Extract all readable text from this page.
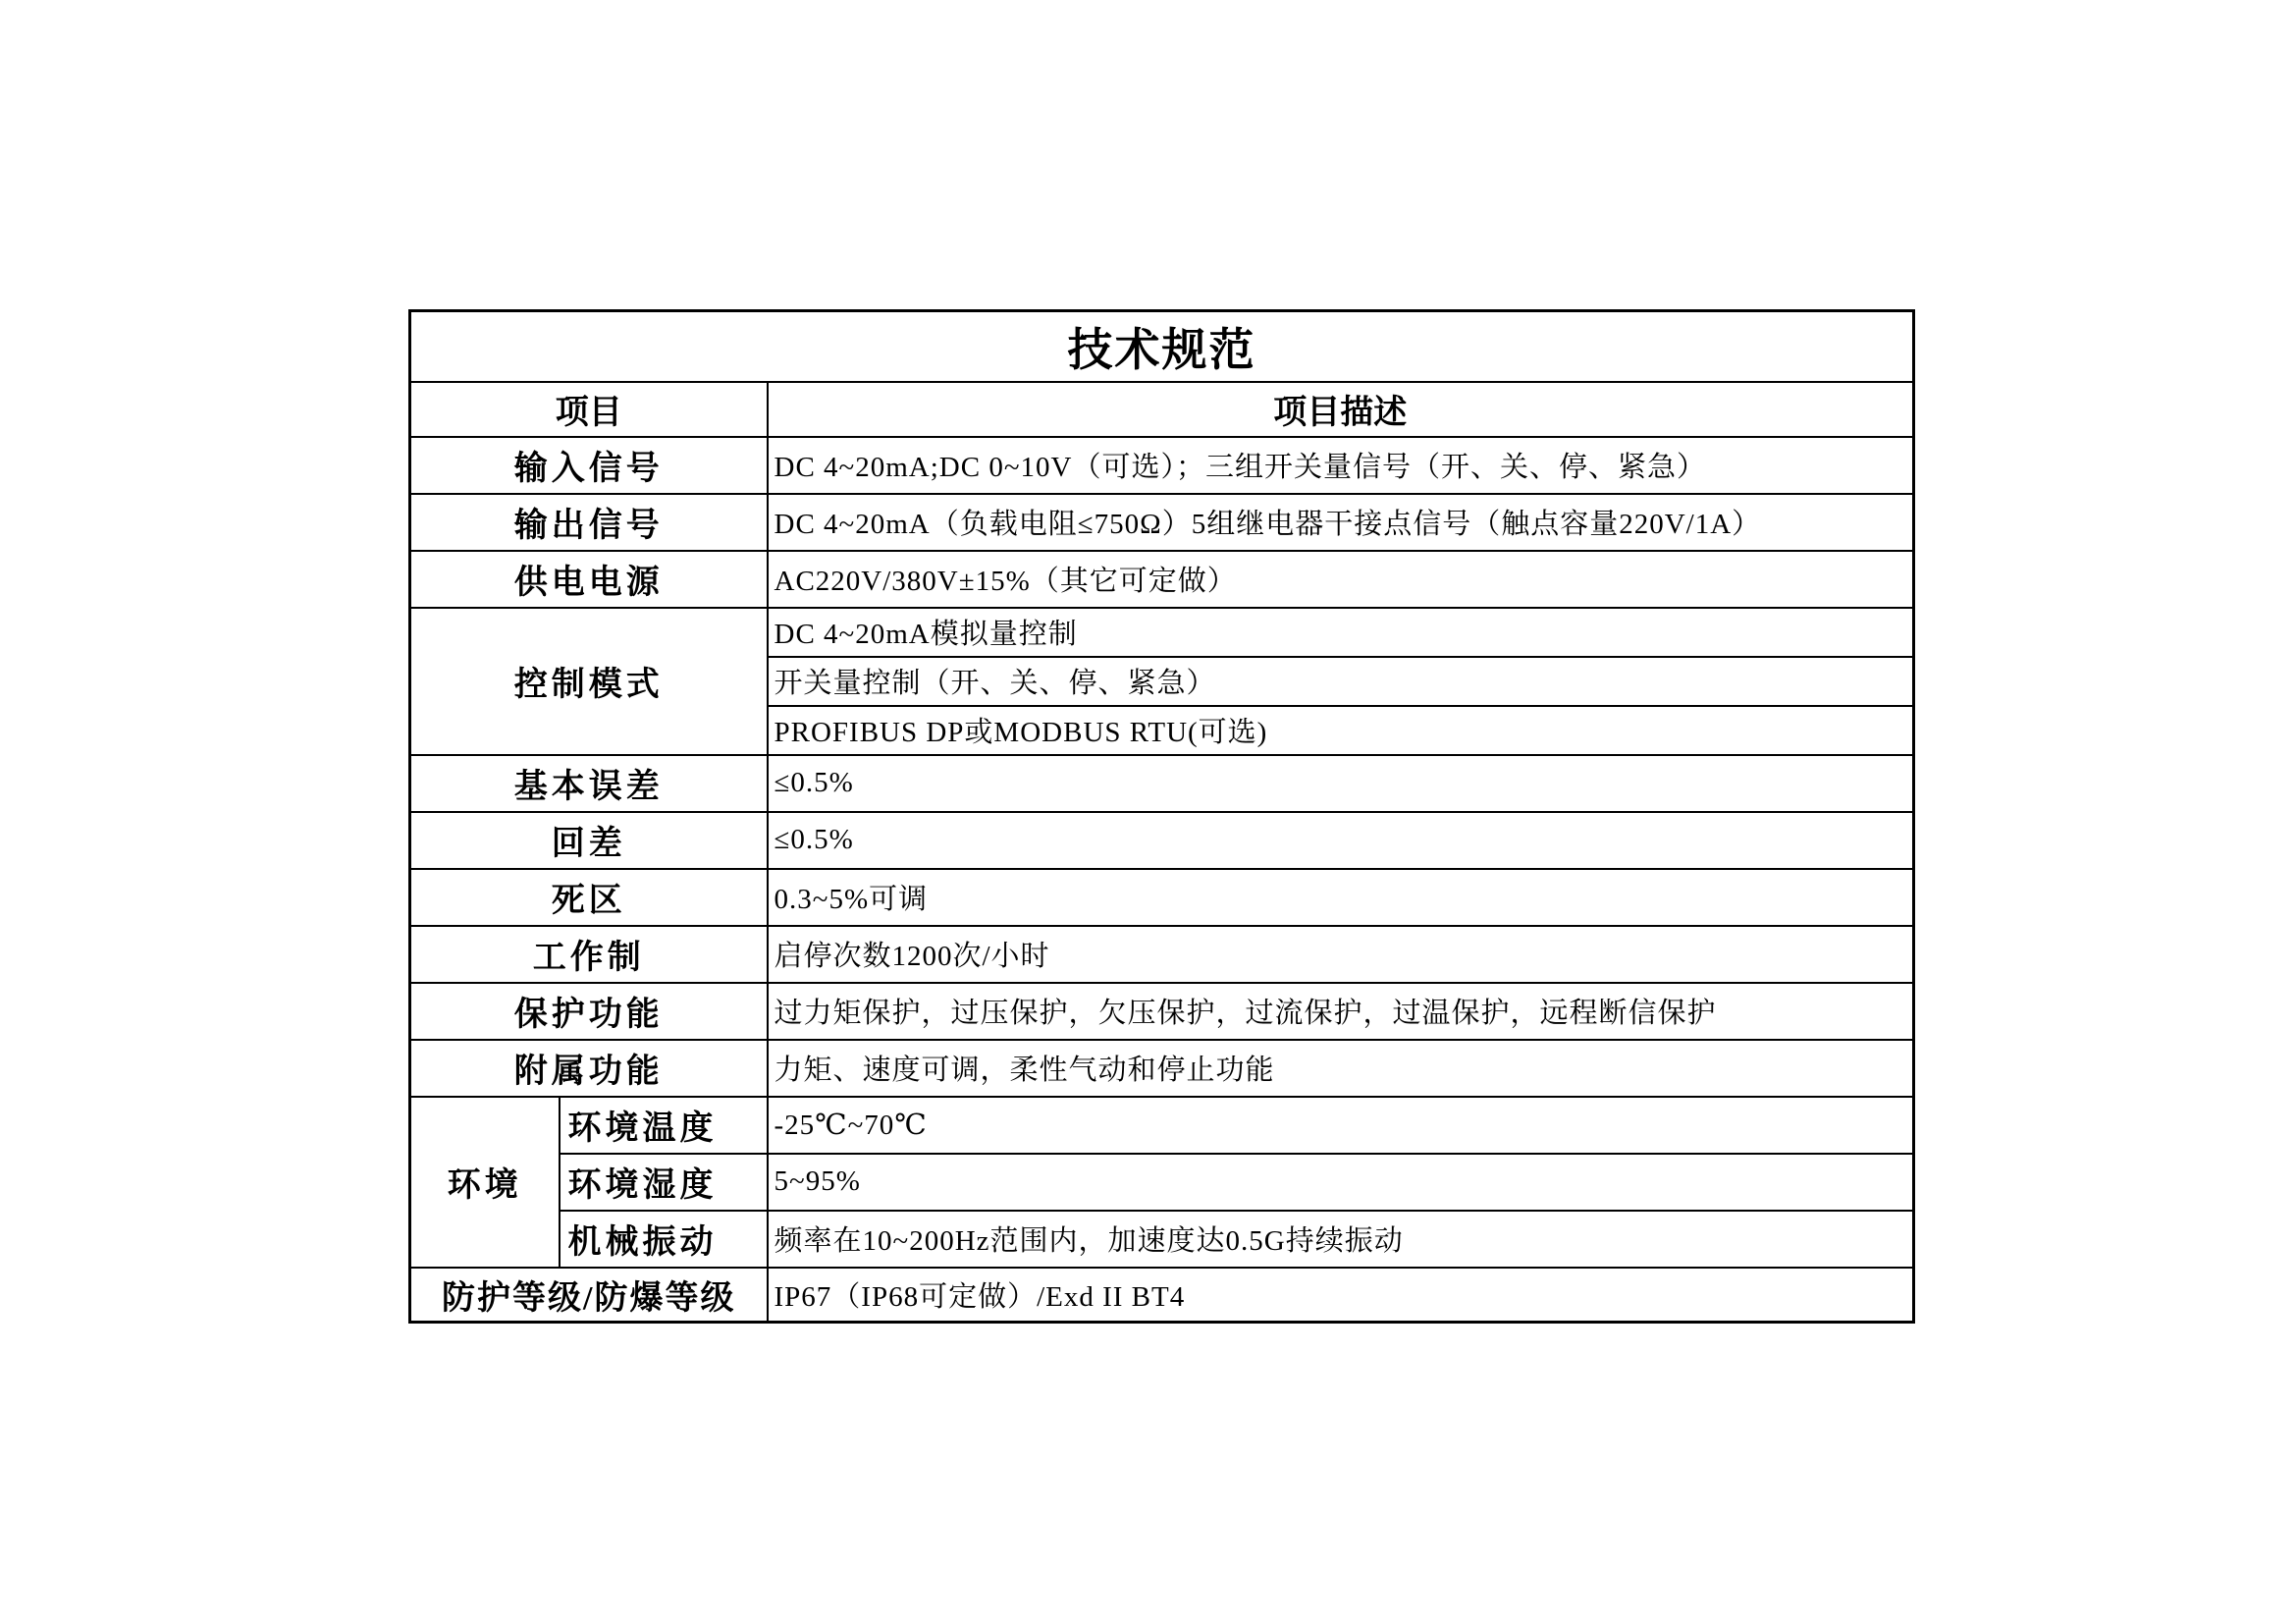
技术规范		
项目		项目描述
输入信号		DC 4~20mA;DC 0~10V（可选）；三组开关量信号（开、关、停、紧急）
输出信号		DC 4~20mA（负载电阻≤750Ω）5组继电器干接点信号（触点容量220V/1A）
供电电源		AC220V/380V±15%（其它可定做）
控制模式		DC 4~20mA模拟量控制
		开关量控制（开、关、停、紧急）
		PROFIBUS DP或MODBUS RTU(可选)
基本误差		≤0.5%
回差		≤0.5%
死区		0.3~5%可调
工作制		启停次数1200次/小时
保护功能		过力矩保护，过压保护，欠压保护，过流保护，过温保护，远程断信保护
附属功能		力矩、速度可调，柔性气动和停止功能
环境	环境温度	-25℃~70℃
	环境湿度	5~95%
	机械振动	频率在10~200Hz范围内，加速度达0.5G持续振动
防护等级/防爆等级		IP67（IP68可定做）/Exd II BT4
